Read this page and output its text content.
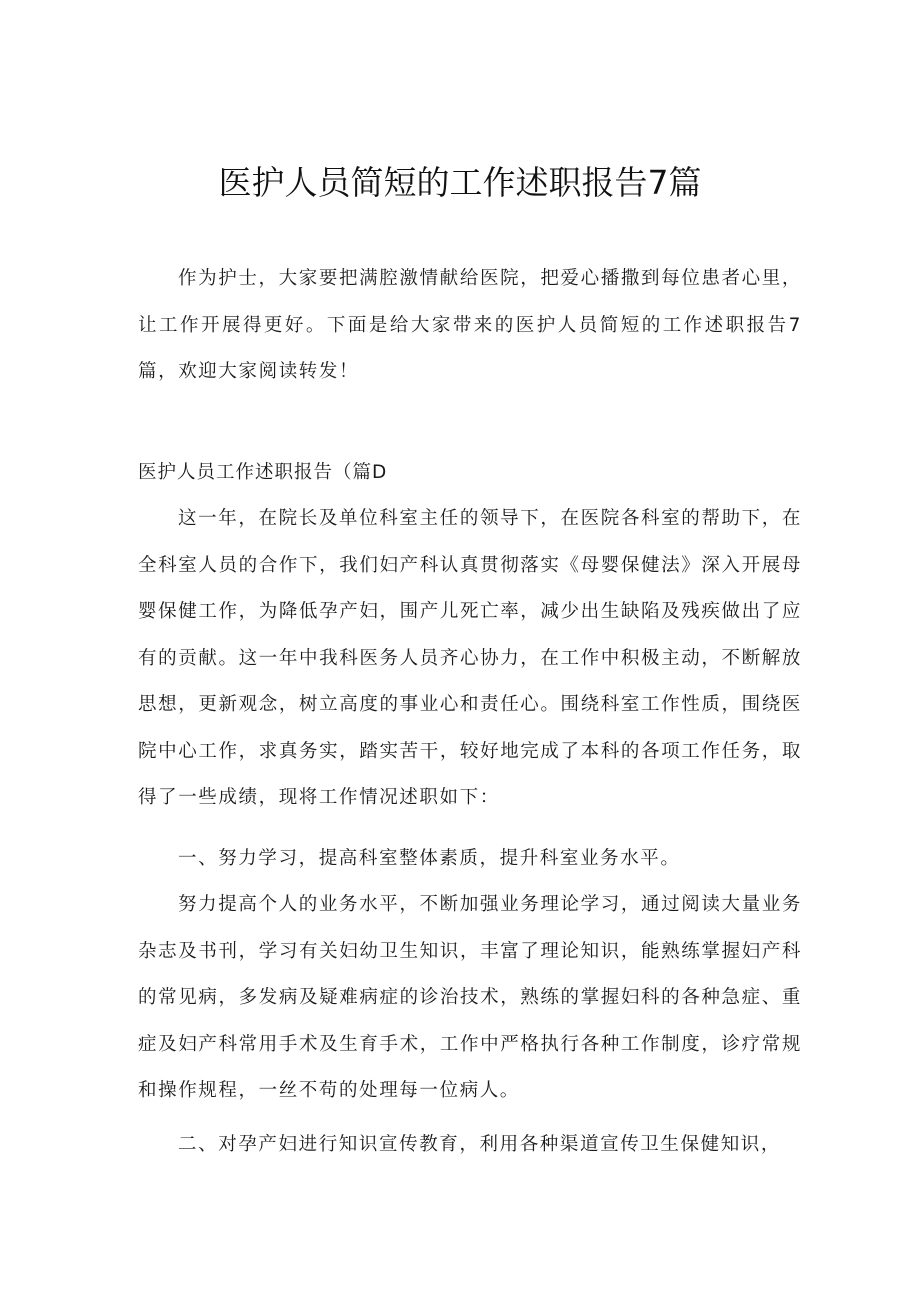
医护人员简短的工作述职报告7篇

作为护士，大家要把满腔激情献给医院，把爱心播撒到每位患者心里，让工作开展得更好。下面是给大家带来的医护人员简短的工作述职报告7篇，欢迎大家阅读转发！

医护人员工作述职报告（篇D

这一年，在院长及单位科室主任的领导下，在医院各科室的帮助下，在全科室人员的合作下，我们妇产科认真贯彻落实《母婴保健法》深入开展母婴保健工作，为降低孕产妇，围产儿死亡率，减少出生缺陷及残疾做出了应有的贡献。这一年中我科医务人员齐心协力，在工作中积极主动，不断解放思想，更新观念，树立高度的事业心和责任心。围绕科室工作性质，围绕医院中心工作，求真务实，踏实苦干，较好地完成了本科的各项工作任务，取得了一些成绩，现将工作情况述职如下：

一、努力学习，提高科室整体素质，提升科室业务水平。

努力提高个人的业务水平，不断加强业务理论学习，通过阅读大量业务杂志及书刊，学习有关妇幼卫生知识，丰富了理论知识，能熟练掌握妇产科的常见病，多发病及疑难病症的诊治技术，熟练的掌握妇科的各种急症、重症及妇产科常用手术及生育手术，工作中严格执行各种工作制度，诊疗常规和操作规程，一丝不苟的处理每一位病人。

二、对孕产妇进行知识宣传教育，利用各种渠道宣传卫生保健知识，
